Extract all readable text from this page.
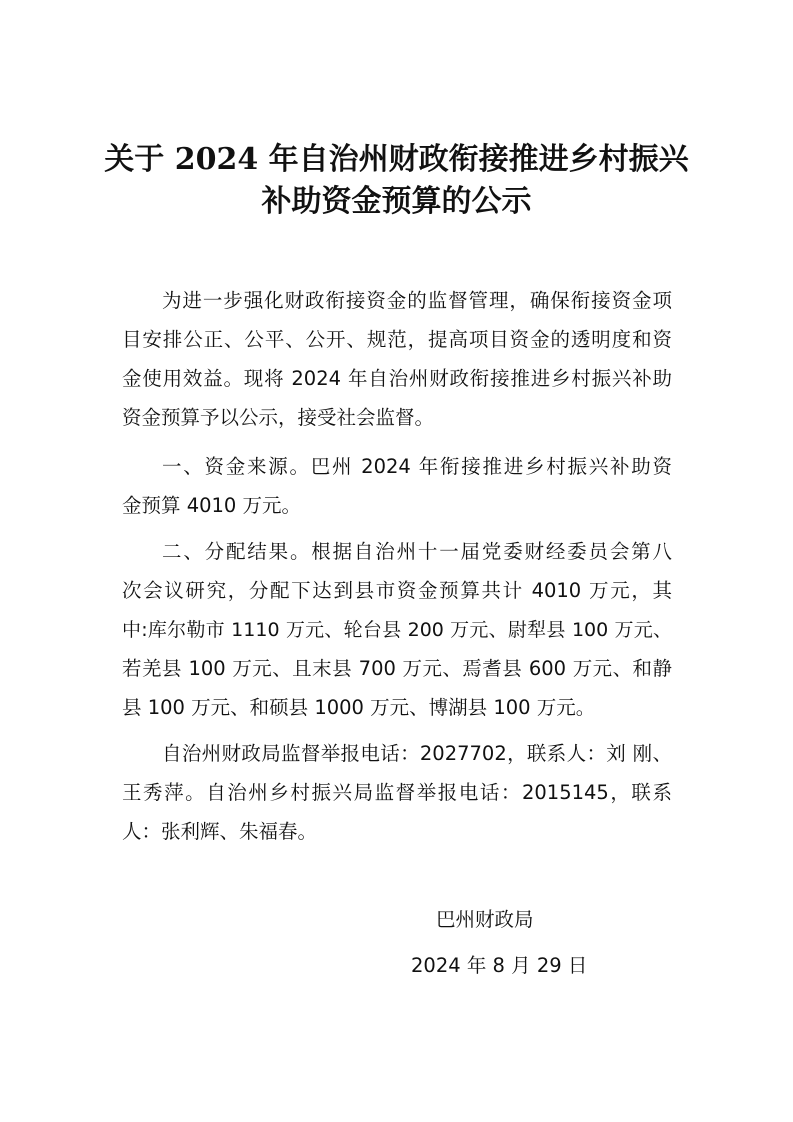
关于 2024 年自治州财政衔接推进乡村振兴
补助资金预算的公示
为进一步强化财政衔接资金的监督管理，确保衔接资金项
目安排公正、公平、公开、规范，提高项目资金的透明度和资
金使用效益。现将 2024 年自治州财政衔接推进乡村振兴补助
资金预算予以公示，接受社会监督。
一、资金来源。巴州 2024 年衔接推进乡村振兴补助资
金预算 4010 万元。
二、分配结果。根据自治州十一届党委财经委员会第八
次会议研究，分配下达到县市资金预算共计 4010 万元，其
中:库尔勒市 1110 万元、轮台县 200 万元、尉犁县 100 万元、
若羌县 100 万元、且末县 700 万元、焉耆县 600 万元、和静
县 100 万元、和硕县 1000 万元、博湖县 100 万元。
自治州财政局监督举报电话：2027702，联系人：刘 刚、
王秀萍。自治州乡村振兴局监督举报电话：2015145，联系
人：张利辉、朱福春。
巴州财政局
2024 年 8 月 29 日
